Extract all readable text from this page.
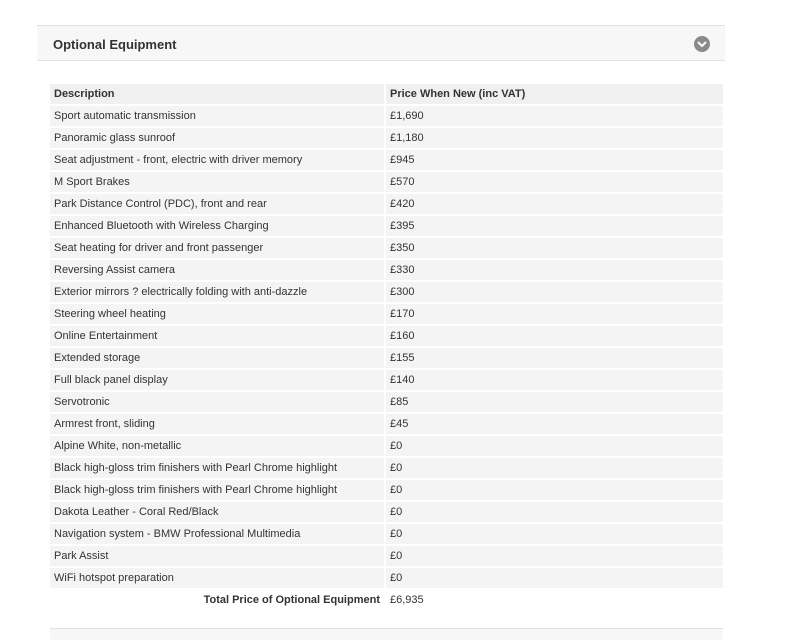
Optional Equipment
Description	Price When New (inc VAT)
Sport automatic transmission	£1,690
Panoramic glass sunroof	£1,180
Seat adjustment - front, electric with driver memory	£945
M Sport Brakes	£570
Park Distance Control (PDC), front and rear	£420
Enhanced Bluetooth with Wireless Charging	£395
Seat heating for driver and front passenger	£350
Reversing Assist camera	£330
Exterior mirrors ? electrically folding with anti-dazzle	£300
Steering wheel heating	£170
Online Entertainment	£160
Extended storage	£155
Full black panel display	£140
Servotronic	£85
Armrest front, sliding	£45
Alpine White, non-metallic	£0
Black high-gloss trim finishers with Pearl Chrome highlight	£0
Black high-gloss trim finishers with Pearl Chrome highlight	£0
Dakota Leather - Coral Red/Black	£0
Navigation system - BMW Professional Multimedia	£0
Park Assist	£0
WiFi hotspot preparation	£0
Total Price of Optional Equipment	£6,935
